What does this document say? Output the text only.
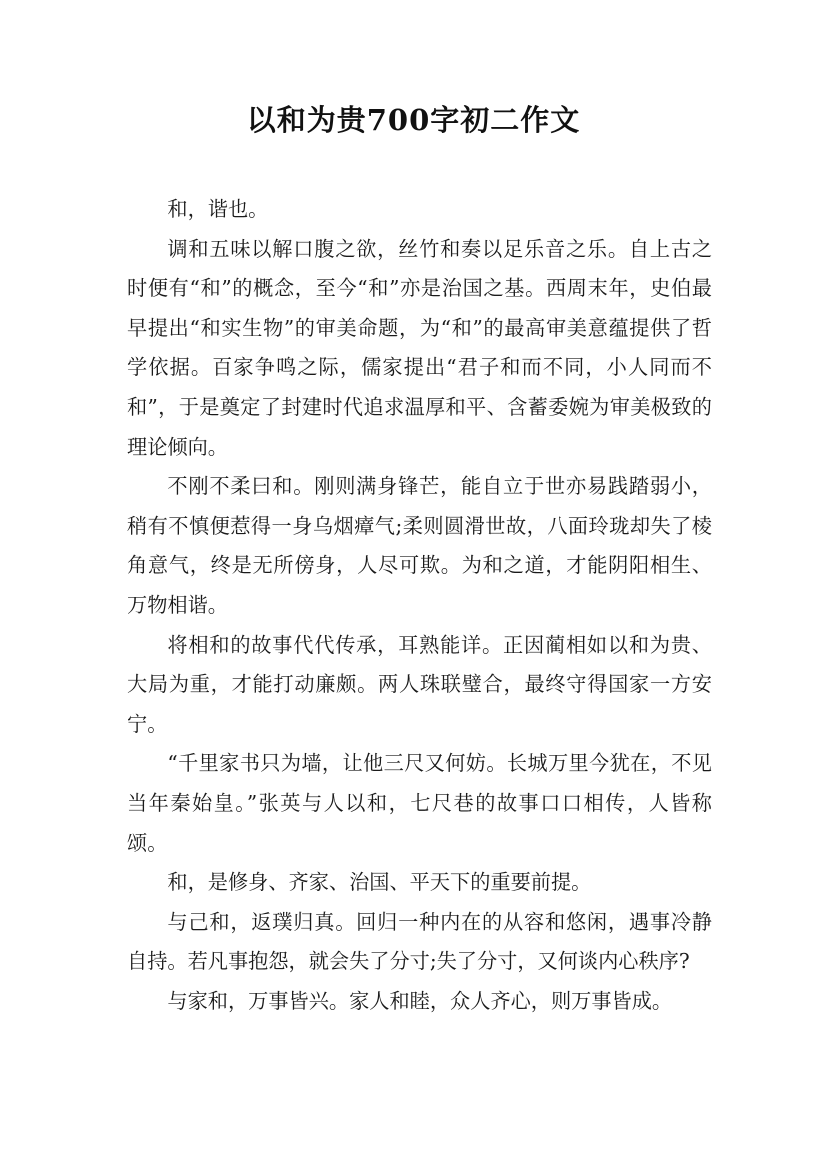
以和为贵700字初二作文

和，谐也。

调和五味以解口腹之欲，丝竹和奏以足乐音之乐。自上古之时便有“和”的概念，至今“和”亦是治国之基。西周末年，史伯最早提出“和实生物”的审美命题，为“和”的最高审美意蕴提供了哲学依据。百家争鸣之际，儒家提出“君子和而不同，小人同而不和”，于是奠定了封建时代追求温厚和平、含蓄委婉为审美极致的理论倾向。

不刚不柔曰和。刚则满身锋芒，能自立于世亦易践踏弱小，稍有不慎便惹得一身乌烟瘴气;柔则圆滑世故，八面玲珑却失了棱角意气，终是无所傍身，人尽可欺。为和之道，才能阴阳相生、万物相谐。

将相和的故事代代传承，耳熟能详。正因蔺相如以和为贵、大局为重，才能打动廉颇。两人珠联璧合，最终守得国家一方安宁。

“千里家书只为墙，让他三尺又何妨。长城万里今犹在，不见当年秦始皇。”张英与人以和，七尺巷的故事口口相传，人皆称颂。

和，是修身、齐家、治国、平天下的重要前提。

与己和，返璞归真。回归一种内在的从容和悠闲，遇事冷静自持。若凡事抱怨，就会失了分寸;失了分寸，又何谈内心秩序?

与家和，万事皆兴。家人和睦，众人齐心，则万事皆成。
